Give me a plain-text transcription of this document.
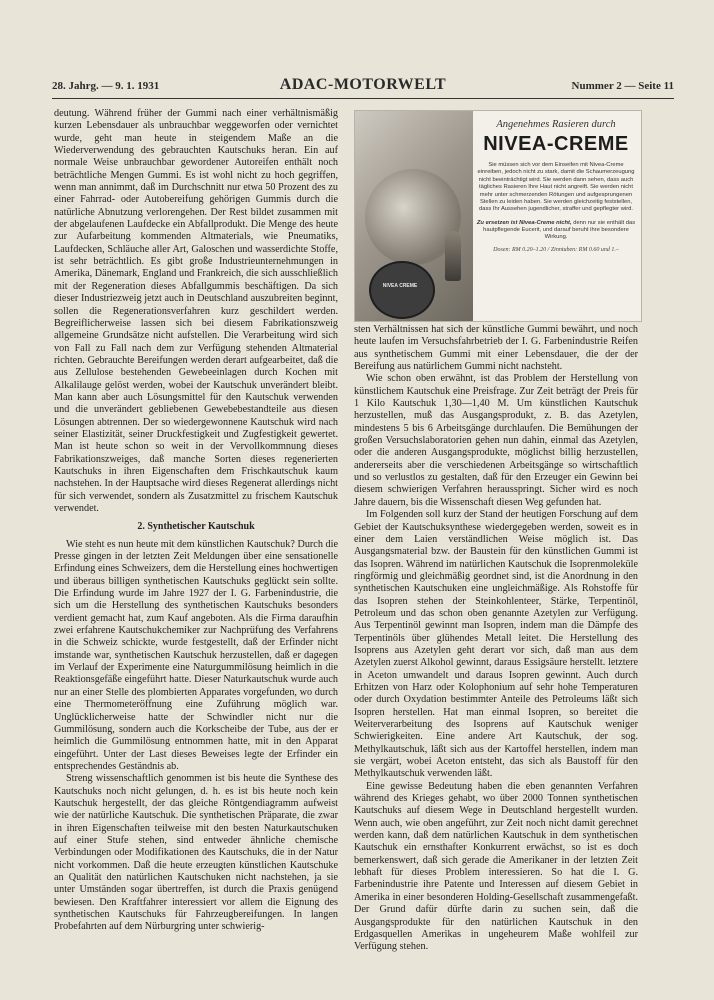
28. Jahrg. — 9. 1. 1931	ADAC-MOTORWELT	Nummer 2 — Seite 11

deutung. Während früher der Gummi nach einer verhältnismäßig kurzen Lebensdauer als unbrauchbar weggeworfen oder vernichtet wurde, geht man heute in steigendem Maße an die Wiederverwendung des gebrauchten Kautschuks heran. Ein auf normale Weise unbrauchbar gewordener Autoreifen enthält noch beträchtliche Mengen Gummi. Es ist wohl nicht zu hoch gegriffen, wenn man annimmt, daß im Durchschnitt nur etwa 50 Prozent des zu einer Fahrrad- oder Autobereifung gehörigen Gummis durch die natürliche Abnutzung verlorengehen. Der Rest bildet zusammen mit der abgelaufenen Laufdecke ein Abfallprodukt. Die Menge des heute zur Aufarbeitung kommenden Altmaterials, wie Pneumatiks, Laufdecken, Schläuche aller Art, Galoschen und wasserdichte Stoffe, ist sehr beträchtlich. Es gibt große Industrieunternehmungen in Amerika, Dänemark, England und Frankreich, die sich ausschließlich mit der Regeneration dieses Abfallgummis beschäftigen. Da sich dieser Industriezweig jetzt auch in Deutschland auszubreiten beginnt, sollen die Regenerationsverfahren kurz geschildert werden. Begreiflicherweise lassen sich bei diesem Fabrikationszweig allgemeine Grundsätze nicht aufstellen. Die Verarbeitung wird sich von Fall zu Fall nach dem zur Verfügung stehenden Altmaterial richten. Gebrauchte Bereifungen werden derart aufgearbeitet, daß die aus Zellulose bestehenden Gewebeeinlagen durch Kochen mit Alkalilauge gelöst werden, wobei der Kautschuk unverändert bleibt. Man kann aber auch Lösungsmittel für den Kautschuk verwenden und die unverändert gebliebenen Gewebebestandteile aus diesen Lösungen abtrennen. Der so wiedergewonnene Kautschuk wird nach seiner Elastizität, seiner Druckfestigkeit und Zugfestigkeit gewertet. Man ist heute schon so weit in der Vervollkommnung dieses Fabrikationszweiges, daß manche Sorten dieses regenerierten Kautschuks in ihren Eigenschaften dem Frischkautschuk kaum nachstehen. In der Hauptsache wird dieses Regenerat allerdings nicht für sich verwendet, sondern als Zusatzmittel zu frischem Kautschuk verwendet.

2. Synthetischer Kautschuk

Wie steht es nun heute mit dem künstlichen Kautschuk? Durch die Presse gingen in der letzten Zeit Meldungen über eine sensationelle Erfindung eines Schweizers, dem die Herstellung eines hochwertigen und überaus billigen synthetischen Kautschuks geglückt sein sollte. Die Erfindung wurde im Jahre 1927 der I. G. Farbenindustrie, die sich um die Herstellung des synthetischen Kautschuks besonders verdient gemacht hat, zum Kauf angeboten. Als die Firma daraufhin zwei erfahrene Kautschukchemiker zur Nachprüfung des Verfahrens in die Schweiz schickte, wurde festgestellt, daß der Erfinder nicht imstande war, synthetischen Kautschuk herzustellen, daß er dagegen im Verlauf der Experimente eine Naturgummilösung heimlich in die Reaktionsgefäße eingeführt hatte. Dieser Naturkautschuk wurde auch nur an einer Stelle des plombierten Apparates vorgefunden, wo durch eine Thermometeröffnung eine Zuführung möglich war. Unglücklicherweise hatte der Schwindler nicht nur die Gummilösung, sondern auch die Korkscheibe der Tube, aus der er heimlich die Gummilösung entnommen hatte, mit in den Apparat eingeführt. Unter der Last dieses Beweises legte der Erfinder ein entsprechendes Geständnis ab.

Streng wissenschaftlich genommen ist bis heute die Synthese des Kautschuks noch nicht gelungen, d. h. es ist bis heute noch kein Kautschuk hergestellt, der das gleiche Röntgendiagramm aufweist wie der natürliche Kautschuk. Die synthetischen Präparate, die zwar in ihren Eigenschaften teilweise mit den besten Naturkautschuken auf einer Stufe stehen, sind entweder ähnliche chemische Verbindungen oder Modifikationen des Kautschuks, die in der Natur nicht vorkommen. Daß die heute erzeugten künstlichen Kautschuke an Qualität den natürlichen Kautschuken nicht nachstehen, ja sie unter Umständen sogar übertreffen, ist durch die Praxis genügend bewiesen. Den Kraftfahrer interessiert vor allem die Eignung des synthetischen Kautschuks für Fahrzeugbereifungen. In langen Probefahrten auf dem Nürburgring unter schwierig-

NIVEA CREME

Angenehmes Rasieren durch

NIVEA-CREME

Sie müssen sich vor dem Einseifen mit Nivea-Creme einreiben, jedoch nicht zu stark, damit die Schaumerzeugung nicht beeinträchtigt wird. Sie werden dann sehen, dass auch tägliches Rasieren Ihre Haut nicht angreift. Sie werden nicht mehr unter schmerzenden Rötungen und aufgesprungenen Stellen zu leiden haben. Sie werden gleichzeitig feststellen, dass Ihr Aussehen jugendlicher, straffer und gepflegter wird.

Zu ersetzen ist Nivea-Creme nicht, denn nur sie enthält das hautpflegende Eucerit, und darauf beruht ihre besondere Wirkung.

Dosen: RM 0.20–1.20 / Zinntuben: RM 0.60 und 1.–

sten Verhältnissen hat sich der künstliche Gummi bewährt, und noch heute laufen im Versuchsfahrbetrieb der I. G. Farbenindustrie Reifen aus synthetischem Gummi mit einer Lebensdauer, die der der Bereifung aus natürlichem Gummi nicht nachsteht.

Wie schon oben erwähnt, ist das Problem der Herstellung von künstlichem Kautschuk eine Preisfrage. Zur Zeit beträgt der Preis für 1 Kilo Kautschuk 1,30—1,40 M. Um künstlichen Kautschuk herzustellen, muß das Ausgangsprodukt, z. B. das Azetylen, mindestens 5 bis 6 Arbeitsgänge durchlaufen. Die Bemühungen der großen Versuchslaboratorien gehen nun dahin, einmal das Azetylen, oder die anderen Ausgangsprodukte, möglichst billig herzustellen, andererseits aber die verschiedenen Arbeitsgänge so wirtschaftlich und so verlustlos zu gestalten, daß für den Erzeuger ein Gewinn bei diesem schwierigen Verfahren herausspringt. Sicher wird es noch Jahre dauern, bis die Wissenschaft diesen Weg gefunden hat.

Im Folgenden soll kurz der Stand der heutigen Forschung auf dem Gebiet der Kautschuksynthese wiedergegeben werden, soweit es in einer dem Laien verständlichen Weise möglich ist. Das Ausgangsmaterial bzw. der Baustein für den künstlichen Gummi ist das Isopren. Während im natürlichen Kautschuk die Isoprenmoleküle ringförmig und gleichmäßig geordnet sind, ist die Anordnung in den synthetischen Kautschuken eine ungleichmäßige. Als Rohstoffe für das Isopren stehen der Steinkohlenteer, Stärke, Terpentinöl, Petroleum und das schon oben genannte Azetylen zur Verfügung. Aus Terpentinöl gewinnt man Isopren, indem man die Dämpfe des Terpentinöls über glühendes Metall leitet. Die Herstellung des Isoprens aus Azetylen geht derart vor sich, daß man aus dem Azetylen zuerst Alkohol gewinnt, daraus Essigsäure herstellt. letztere in Aceton umwandelt und daraus Isopren gewinnt. Auch durch Erhitzen von Harz oder Kolophonium auf sehr hohe Temperaturen oder durch Oxydation bestimmter Anteile des Petroleums läßt sich Isopren herstellen. Hat man einmal Isopren, so bereitet die Weiterverarbeitung des Isoprens auf Kautschuk weniger Schwierigkeiten. Eine andere Art Kautschuk, der sog. Methylkautschuk, läßt sich aus der Kartoffel herstellen, indem man sie vergärt, wobei Aceton entsteht, das sich als Baustoff für den Methylkautschuk verwenden läßt.

Eine gewisse Bedeutung haben die eben genannten Verfahren während des Krieges gehabt, wo über 2000 Tonnen synthetischen Kautschuks auf diesem Wege in Deutschland hergestellt wurden. Wenn auch, wie oben angeführt, zur Zeit noch nicht damit gerechnet werden kann, daß dem natürlichen Kautschuk in dem synthetischen Kautschuk ein ernsthafter Konkurrent erwächst, so ist es doch bemerkenswert, daß sich gerade die Amerikaner in der letzten Zeit lebhaft für dieses Problem interessieren. So hat die I. G. Farbenindustrie ihre Patente und Interessen auf diesem Gebiet in Amerika in einer besonderen Holding-Gesellschaft zusammengefaßt. Der Grund dafür dürfte darin zu suchen sein, daß die Ausgangsprodukte für den natürlichen Kautschuk in den Erdgasquellen Amerikas in ungeheurem Maße wohlfeil zur Verfügung stehen.
